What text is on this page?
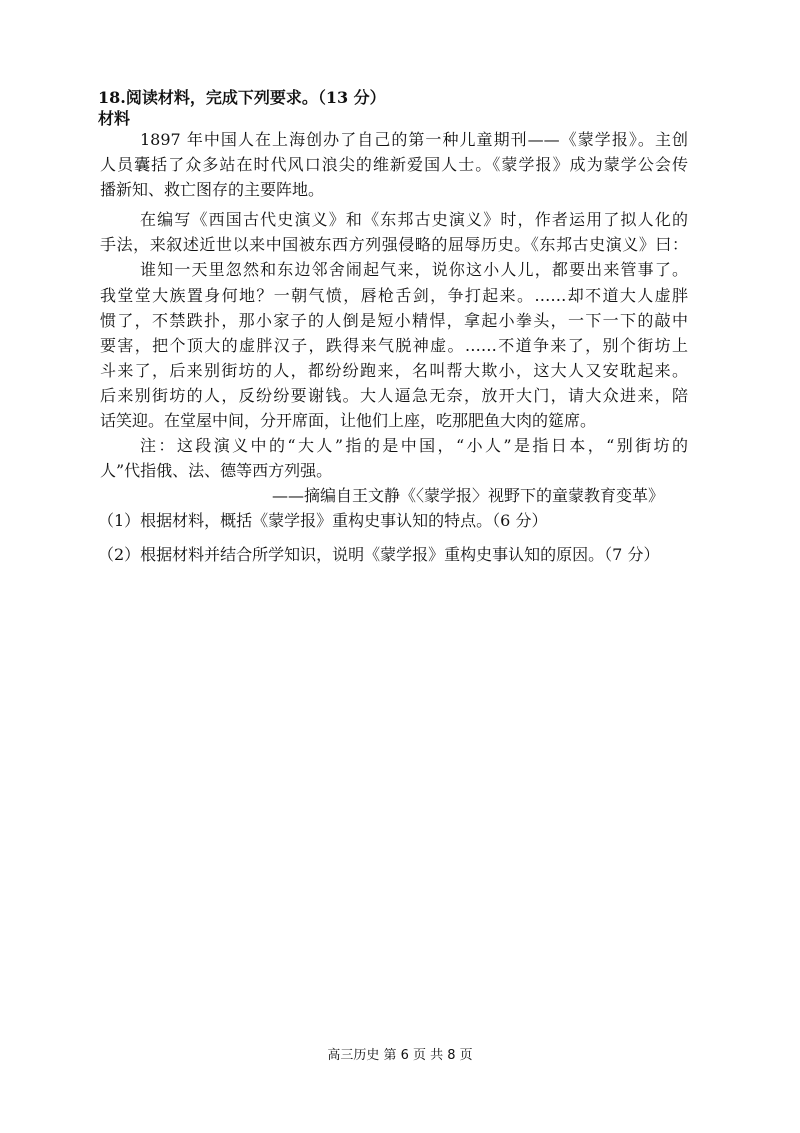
18.阅读材料，完成下列要求。（13 分）
材料
1897 年中国人在上海创办了自己的第一种儿童期刊——《蒙学报》。主创
人员囊括了众多站在时代风口浪尖的维新爱国人士。《蒙学报》成为蒙学公会传
播新知、救亡图存的主要阵地。
在编写《西国古代史演义》和《东邦古史演义》时，作者运用了拟人化的
手法，来叙述近世以来中国被东西方列强侵略的屈辱历史。《东邦古史演义》曰：
谁知一天里忽然和东边邻舍闹起气来，说你这小人儿，都要出来管事了。
我堂堂大族置身何地？一朝气愤，唇枪舌剑，争打起来。……却不道大人虚胖
惯了，不禁跌扑，那小家子的人倒是短小精悍，拿起小拳头，一下一下的敲中
要害，把个顶大的虚胖汉子，跌得来气脱神虚。……不道争来了，别个街坊上
斗来了，后来别街坊的人，都纷纷跑来，名叫帮大欺小，这大人又安耽起来。
后来别街坊的人，反纷纷要谢钱。大人逼急无奈，放开大门，请大众进来，陪
话笑迎。在堂屋中间，分开席面，让他们上座，吃那肥鱼大肉的筵席。
注：这段演义中的“大人”指的是中国，“小人”是指日本，“别街坊的
人”代指俄、法、德等西方列强。
——摘编自王文静《〈蒙学报〉视野下的童蒙教育变革》
（1）根据材料，概括《蒙学报》重构史事认知的特点。（6 分）
（2）根据材料并结合所学知识，说明《蒙学报》重构史事认知的原因。（7 分）
高三历史 第 6 页 共 8 页
